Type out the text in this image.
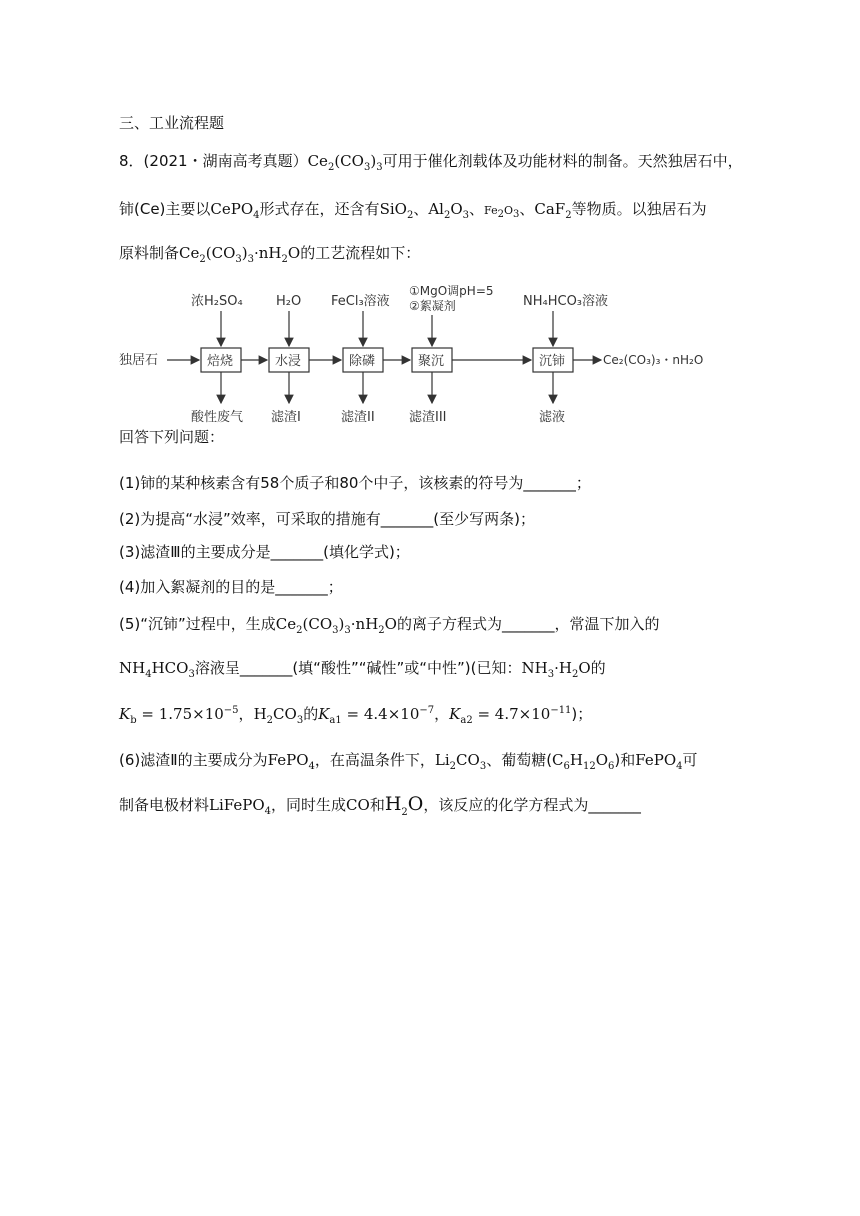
三、工业流程题
8．(2021・湖南高考真题）$Ce_2(CO_3)_3$可用于催化剂载体及功能材料的制备。天然独居石中，
铈(Ce)主要以CePO$_4$形式存在，还含有SiO$_2$、$Al_2O_3$、$Fe_2O_3$、CaF$_2$等物质。以独居石为
原料制备$Ce_2(CO_3)_3\cdot nH_2O$的工艺流程如下：
独居石	焙烧	水浸	除磷	聚沉	沉铈	Ce₂(CO₃)₃・nH₂O
浓H₂SO₄	H₂O FeCl₃溶液
①MgO调pH=5
②絮凝剂	NH₄HCO₃溶液
酸性废气 滤渣I	滤渣II	滤渣III	滤液
回答下列问题：
(1)铈的某种核素含有58个质子和80个中子，该核素的符号为_______；
(2)为提高“水浸”效率，可采取的措施有_______(至少写两条)；
(3)滤渣Ⅲ的主要成分是_______(填化学式)；
(4)加入絮凝剂的目的是_______；
(5)“沉铈”过程中，生成$Ce_2(CO_3)_3\cdot nH_2O$的离子方程式为_______，常温下加入的
$NH_4HCO_3$溶液呈_______(填“酸性”“碱性”或“中性”)(已知：$NH_3\cdot H_2O$的
$K_b = 1.75\times 10^{-5}$，$H_2CO_3$的$K_{a1} = 4.4\times 10^{-7}$，$K_{a2} = 4.7\times 10^{-11}$)；
(6)滤渣Ⅱ的主要成分为FePO$_4$，在高温条件下，$Li_2CO_3$、葡萄糖$(C_6H_{12}O_6)$和FePO$_4$可
制备电极材料LiFePO$_4$，同时生成CO和$H_2O$，该反应的化学方程式为_______
